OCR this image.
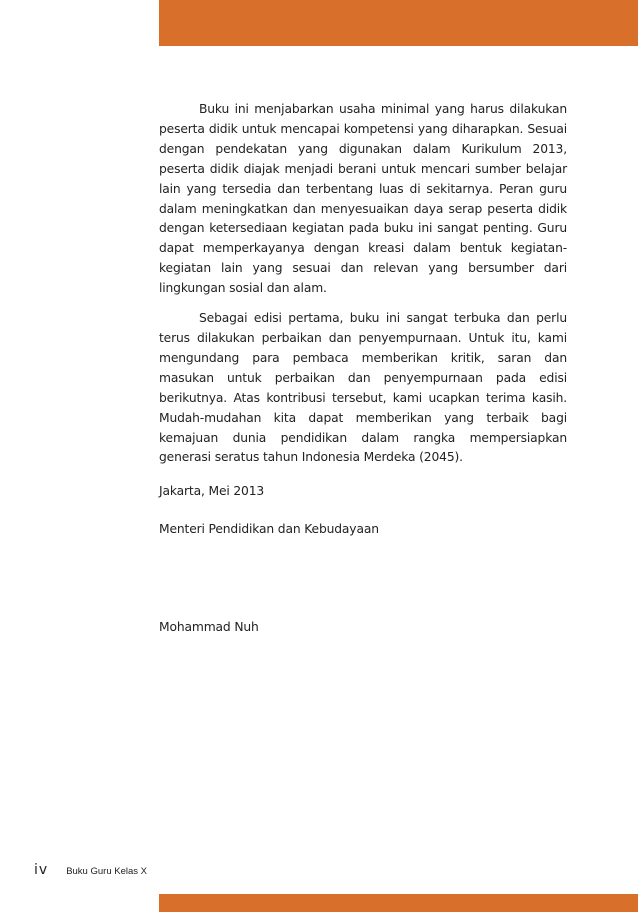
Buku ini menjabarkan usaha minimal yang harus dilakukan peserta didik untuk mencapai kompetensi yang diharapkan. Sesuai dengan pendekatan yang digunakan dalam Kurikulum 2013, peserta didik diajak menjadi berani untuk mencari sumber belajar lain yang tersedia dan terbentang luas di sekitarnya. Peran guru dalam meningkatkan dan menyesuaikan daya serap peserta didik dengan ketersediaan kegiatan pada buku ini sangat penting. Guru dapat memperkayanya dengan kreasi dalam bentuk kegiatan-kegiatan lain yang sesuai dan relevan yang bersumber dari lingkungan sosial dan alam.

Sebagai edisi pertama, buku ini sangat terbuka dan perlu terus dilakukan perbaikan dan penyempurnaan. Untuk itu, kami mengundang para pembaca memberikan kritik, saran dan masukan untuk perbaikan dan penyempurnaan pada edisi berikutnya. Atas kontribusi tersebut, kami ucapkan terima kasih. Mudah-mudahan kita dapat memberikan yang terbaik bagi kemajuan dunia pendidikan dalam rangka mempersiapkan generasi seratus tahun Indonesia Merdeka (2045).

Jakarta, Mei 2013

Menteri Pendidikan dan Kebudayaan

Mohammad Nuh

iv Buku Guru Kelas X
